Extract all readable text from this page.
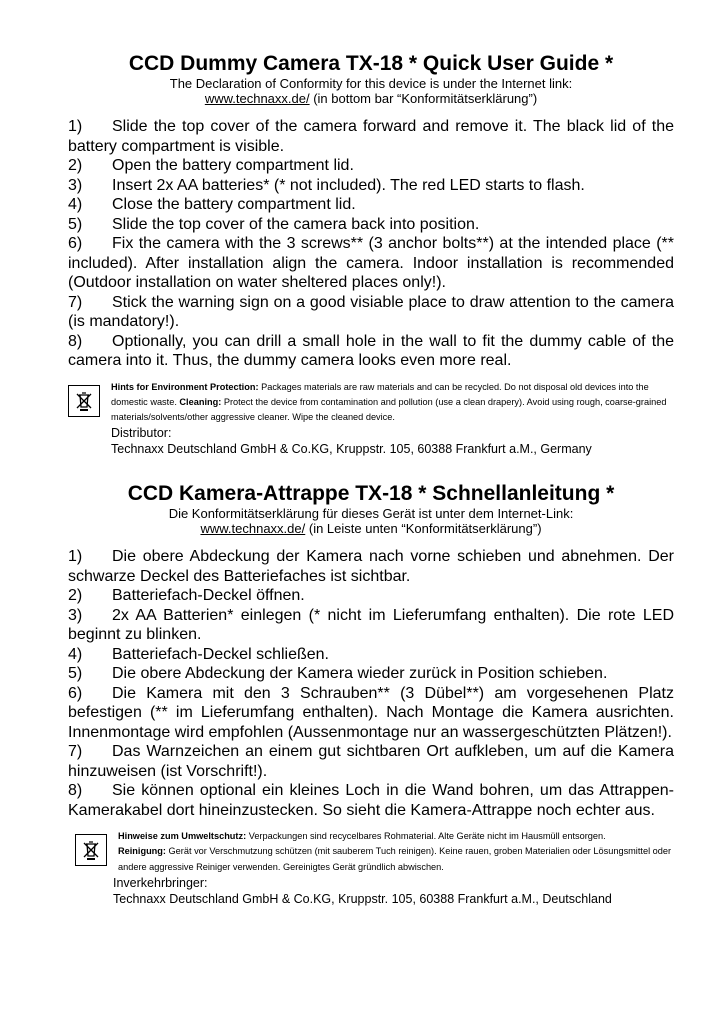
CCD Dummy Camera TX-18 * Quick User Guide *

The Declaration of Conformity for this device is under the Internet link:

www.technaxx.de/ (in bottom bar “Konformitätserklärung”)

1) Slide the top cover of the camera forward and remove it. The black lid of the battery compartment is visible.

2) Open the battery compartment lid.

3) Insert 2x AA batteries* (* not included). The red LED starts to flash.

4) Close the battery compartment lid.

5) Slide the top cover of the camera back into position.

6) Fix the camera with the 3 screws** (3 anchor bolts**) at the intended place (** included). After installation align the camera. Indoor installation is recommended (Outdoor installation on water sheltered places only!).

7) Stick the warning sign on a good visiable place to draw attention to the camera (is mandatory!).

8) Optionally, you can drill a small hole in the wall to fit the dummy cable of the camera into it. Thus, the dummy camera looks even more real.

Hints for Environment Protection: Packages materials are raw materials and can be recycled. Do not disposal old devices into the domestic waste. Cleaning: Protect the device from contamination and pollution (use a clean drapery). Avoid using rough, coarse-grained materials/solvents/other aggressive cleaner. Wipe the cleaned device.

Distributor:

Technaxx Deutschland GmbH & Co.KG, Kruppstr. 105, 60388 Frankfurt a.M., Germany

CCD Kamera-Attrappe TX-18 * Schnellanleitung *

Die Konformitätserklärung für dieses Gerät ist unter dem Internet-Link:

www.technaxx.de/ (in Leiste unten “Konformitätserklärung”)

1) Die obere Abdeckung der Kamera nach vorne schieben und abnehmen. Der schwarze Deckel des Batteriefaches ist sichtbar.

2) Batteriefach-Deckel öffnen.

3) 2x AA Batterien* einlegen (* nicht im Lieferumfang enthalten). Die rote LED beginnt zu blinken.

4) Batteriefach-Deckel schließen.

5) Die obere Abdeckung der Kamera wieder zurück in Position schieben.

6) Die Kamera mit den 3 Schrauben** (3 Dübel**) am vorgesehenen Platz befestigen (** im Lieferumfang enthalten). Nach Montage die Kamera ausrichten. Innenmontage wird empfohlen (Aussenmontage nur an wassergeschützten Plätzen!).

7) Das Warnzeichen an einem gut sichtbaren Ort aufkleben, um auf die Kamera hinzuweisen (ist Vorschrift!).

8) Sie können optional ein kleines Loch in die Wand bohren, um das Attrappen-Kamerakabel dort hineinzustecken. So sieht die Kamera-Attrappe noch echter aus.

Hinweise zum Umweltschutz: Verpackungen sind recycelbares Rohmaterial. Alte Geräte nicht im Hausmüll entsorgen.
Reinigung: Gerät vor Verschmutzung schützen (mit sauberem Tuch reinigen). Keine rauen, groben Materialien oder Lösungsmittel oder andere aggressive Reiniger verwenden. Gereinigtes Gerät gründlich abwischen.

Inverkehrbringer:

Technaxx Deutschland GmbH & Co.KG, Kruppstr. 105, 60388 Frankfurt a.M., Deutschland
